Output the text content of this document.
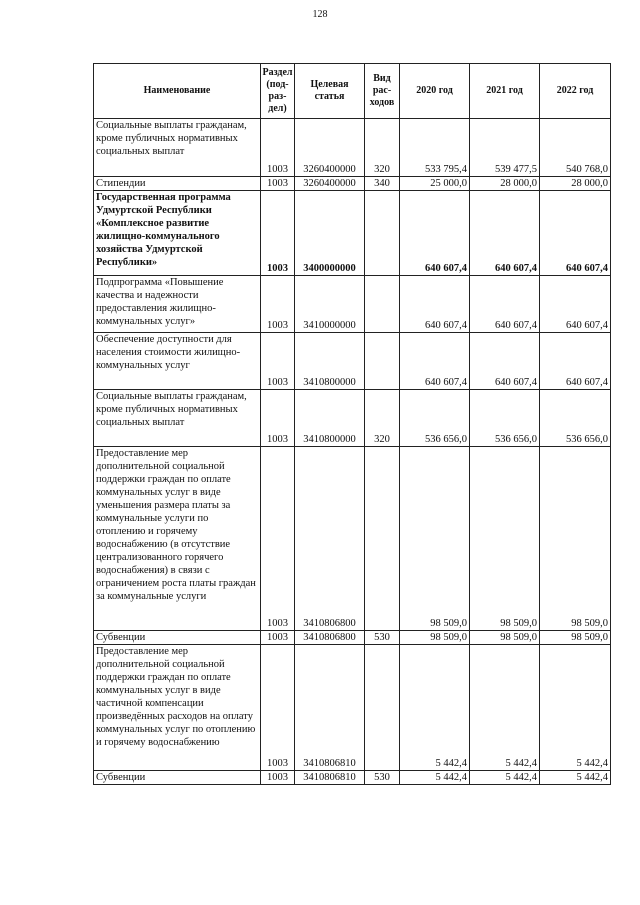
128
Наименование	Раздел (под- раз- дел)	Целевая статья	Вид рас- ходов	2020 год	2021 год	2022 год
Социальные выплаты гражданам, кроме публичных нормативных социальных выплат	1003	3260400000	320	533 795,4	539 477,5	540 768,0
Стипендии	1003	3260400000	340	25 000,0	28 000,0	28 000,0
Государственная программа Удмуртской Республики «Комплексное развитие жилищно-коммунального хозяйства Удмуртской Республики»	1003	3400000000		640 607,4	640 607,4	640 607,4
Подпрограмма «Повышение качества и надежности предоставления жилищно-коммунальных услуг»	1003	3410000000		640 607,4	640 607,4	640 607,4
Обеспечение доступности для населения стоимости жилищно-коммунальных услуг	1003	3410800000		640 607,4	640 607,4	640 607,4
Социальные выплаты гражданам, кроме публичных нормативных социальных выплат	1003	3410800000	320	536 656,0	536 656,0	536 656,0
Предоставление мер дополнительной социальной поддержки граждан по оплате коммунальных услуг в виде уменьшения размера платы за коммунальные услуги по отоплению и горячему водоснабжению (в отсутствие централизованного горячего водоснабжения) в связи с ограничением роста платы граждан за коммунальные услуги	1003	3410806800		98 509,0	98 509,0	98 509,0
Субвенции	1003	3410806800	530	98 509,0	98 509,0	98 509,0
Предоставление мер дополнительной социальной поддержки граждан по оплате коммунальных услуг в виде частичной компенсации произведённых расходов на оплату коммунальных услуг по отоплению и горячему водоснабжению	1003	3410806810		5 442,4	5 442,4	5 442,4
Субвенции	1003	3410806810	530	5 442,4	5 442,4	5 442,4
